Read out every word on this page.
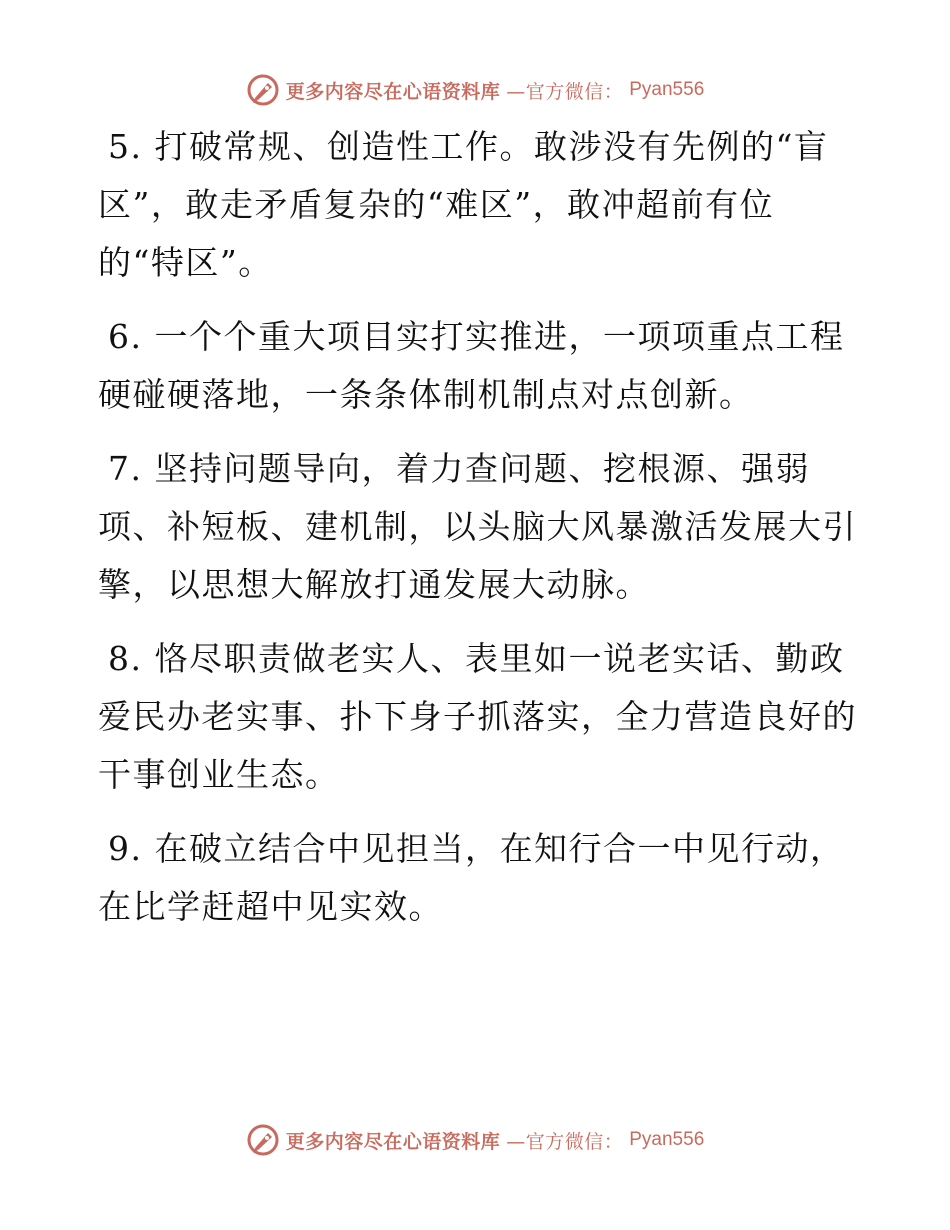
更多内容尽在心语资料库 —官方微信： Pyan556

5. 打破常规、创造性工作。敢涉没有先例的“盲区”，敢走矛盾复杂的“难区”，敢冲超前有位的“特区”。

6. 一个个重大项目实打实推进，一项项重点工程硬碰硬落地，一条条体制机制点对点创新。

7. 坚持问题导向，着力查问题、挖根源、强弱项、补短板、建机制，以头脑大风暴激活发展大引擎，以思想大解放打通发展大动脉。

8. 恪尽职责做老实人、表里如一说老实话、勤政爱民办老实事、扑下身子抓落实，全力营造良好的干事创业生态。

9. 在破立结合中见担当，在知行合一中见行动，在比学赶超中见实效。

更多内容尽在心语资料库 —官方微信： Pyan556
